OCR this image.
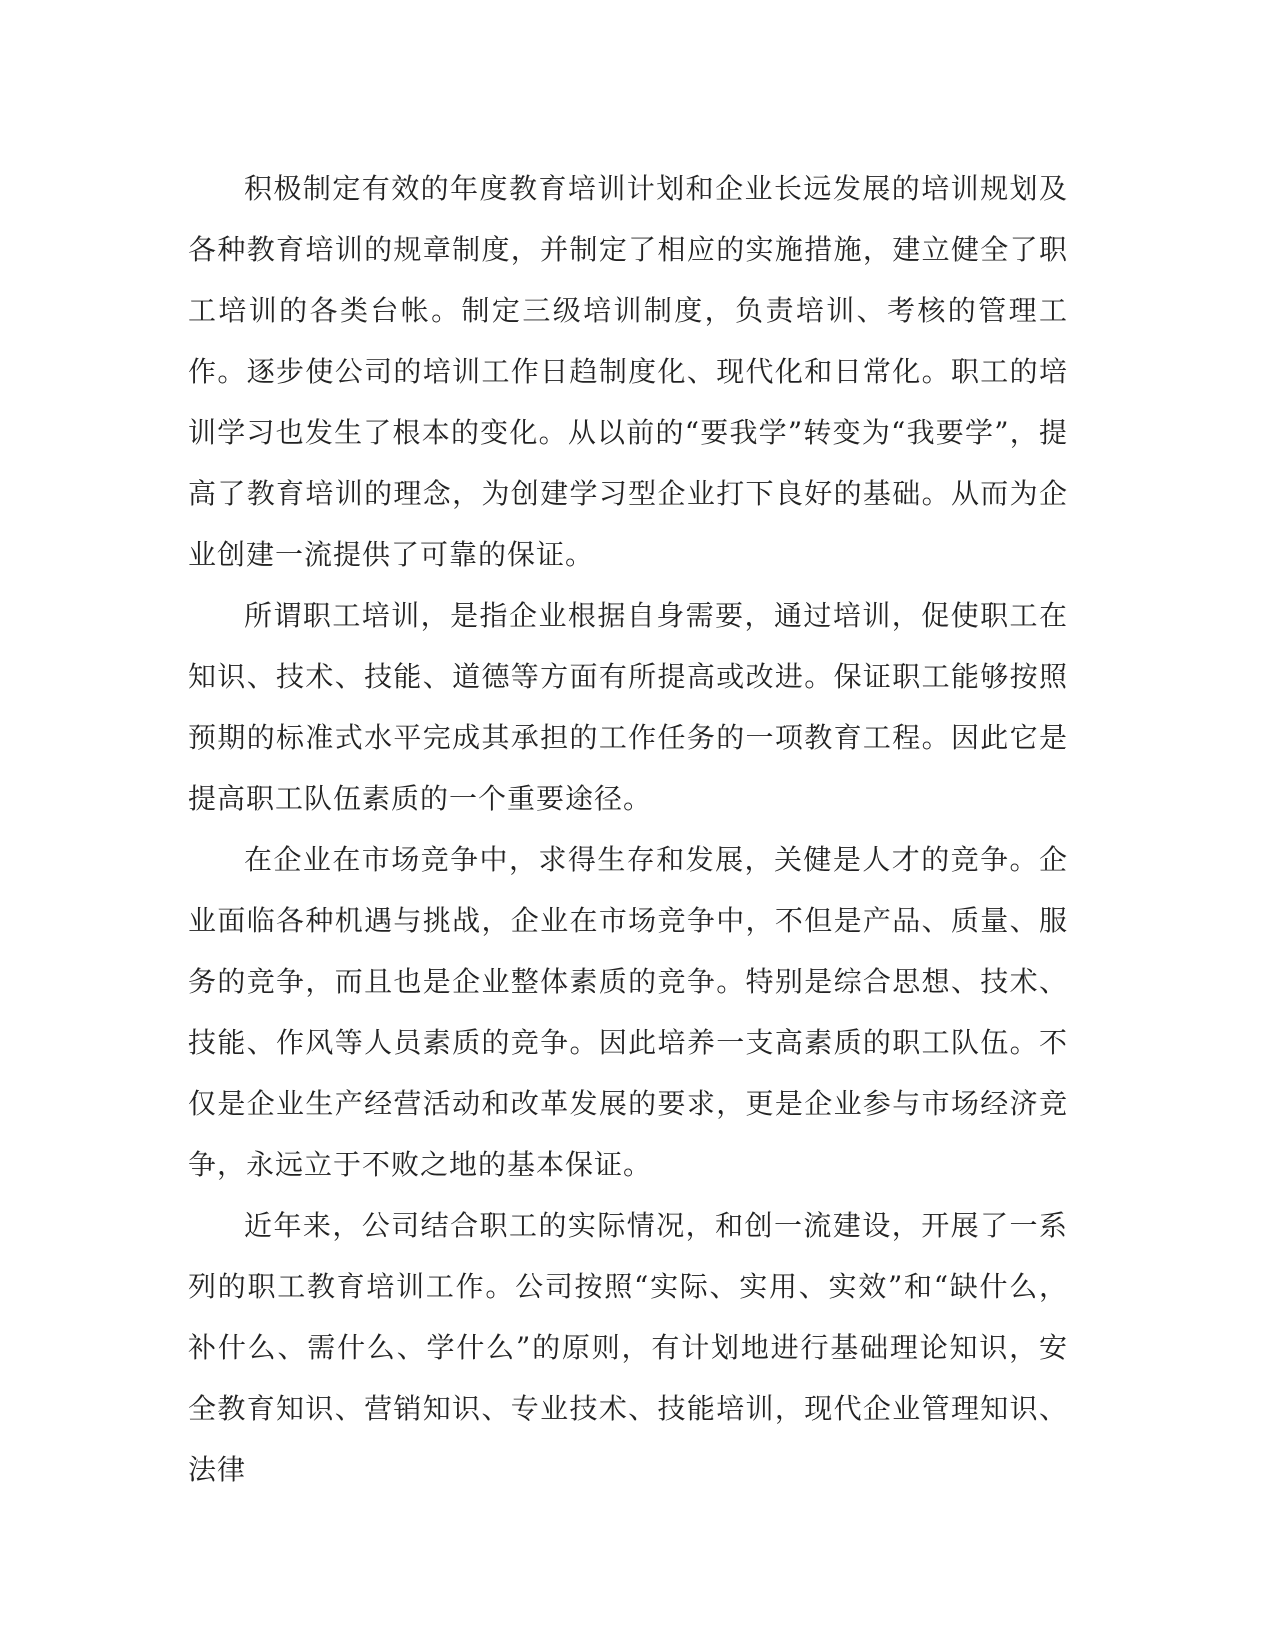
积极制定有效的年度教育培训计划和企业长远发展的培训规划及各种教育培训的规章制度，并制定了相应的实施措施，建立健全了职工培训的各类台帐。制定三级培训制度，负责培训、考核的管理工作。逐步使公司的培训工作日趋制度化、现代化和日常化。职工的培训学习也发生了根本的变化。从以前的“要我学”转变为“我要学”，提高了教育培训的理念，为创建学习型企业打下良好的基础。从而为企业创建一流提供了可靠的保证。

所谓职工培训，是指企业根据自身需要，通过培训，促使职工在知识、技术、技能、道德等方面有所提高或改进。保证职工能够按照预期的标准式水平完成其承担的工作任务的一项教育工程。因此它是提高职工队伍素质的一个重要途径。

在企业在市场竞争中，求得生存和发展，关健是人才的竞争。企业面临各种机遇与挑战，企业在市场竞争中，不但是产品、质量、服务的竞争，而且也是企业整体素质的竞争。特别是综合思想、技术、技能、作风等人员素质的竞争。因此培养一支高素质的职工队伍。不仅是企业生产经营活动和改革发展的要求，更是企业参与市场经济竞争，永远立于不败之地的基本保证。

近年来，公司结合职工的实际情况，和创一流建设，开展了一系列的职工教育培训工作。公司按照“实际、实用、实效”和“缺什么，补什么、需什么、学什么”的原则，有计划地进行基础理论知识，安全教育知识、营销知识、专业技术、技能培训，现代企业管理知识、法律
